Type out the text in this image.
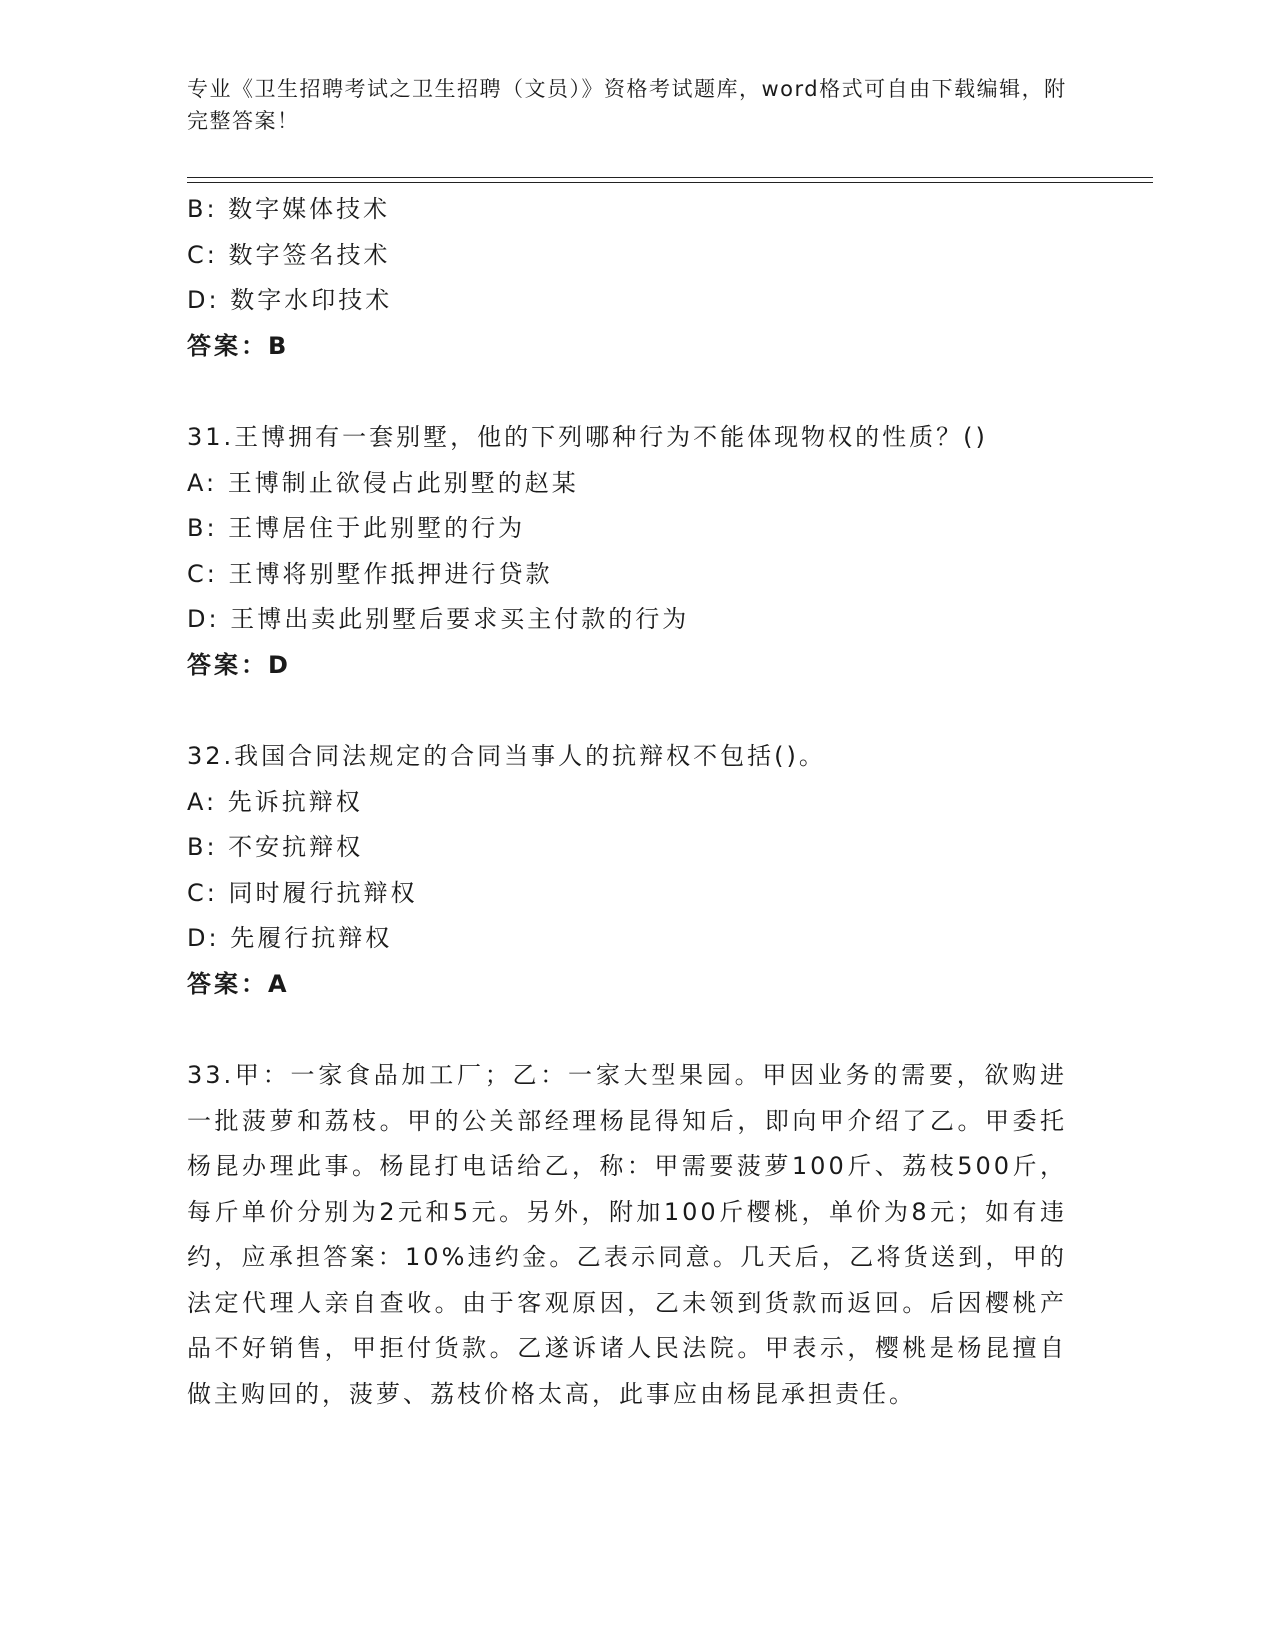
专业《卫生招聘考试之卫生招聘（文员）》资格考试题库，word格式可自由下载编辑，附完整答案！
B: 数字媒体技术
C: 数字签名技术
D: 数字水印技术
答案：B
31.王博拥有一套别墅，他的下列哪种行为不能体现物权的性质？()
A: 王博制止欲侵占此别墅的赵某
B: 王博居住于此别墅的行为
C: 王博将别墅作抵押进行贷款
D: 王博出卖此别墅后要求买主付款的行为
答案：D
32.我国合同法规定的合同当事人的抗辩权不包括()。
A: 先诉抗辩权
B: 不安抗辩权
C: 同时履行抗辩权
D: 先履行抗辩权
答案：A
33.甲：一家食品加工厂；乙：一家大型果园。甲因业务的需要，欲购进一批菠萝和荔枝。甲的公关部经理杨昆得知后，即向甲介绍了乙。甲委托杨昆办理此事。杨昆打电话给乙，称：甲需要菠萝100斤、荔枝500斤，每斤单价分别为2元和5元。另外，附加100斤樱桃，单价为8元；如有违约，应承担答案：10%违约金。乙表示同意。几天后，乙将货送到，甲的法定代理人亲自查收。由于客观原因，乙未领到货款而返回。后因樱桃产品不好销售，甲拒付货款。乙遂诉诸人民法院。甲表示，樱桃是杨昆擅自做主购回的，菠萝、荔枝价格太高，此事应由杨昆承担责任。
